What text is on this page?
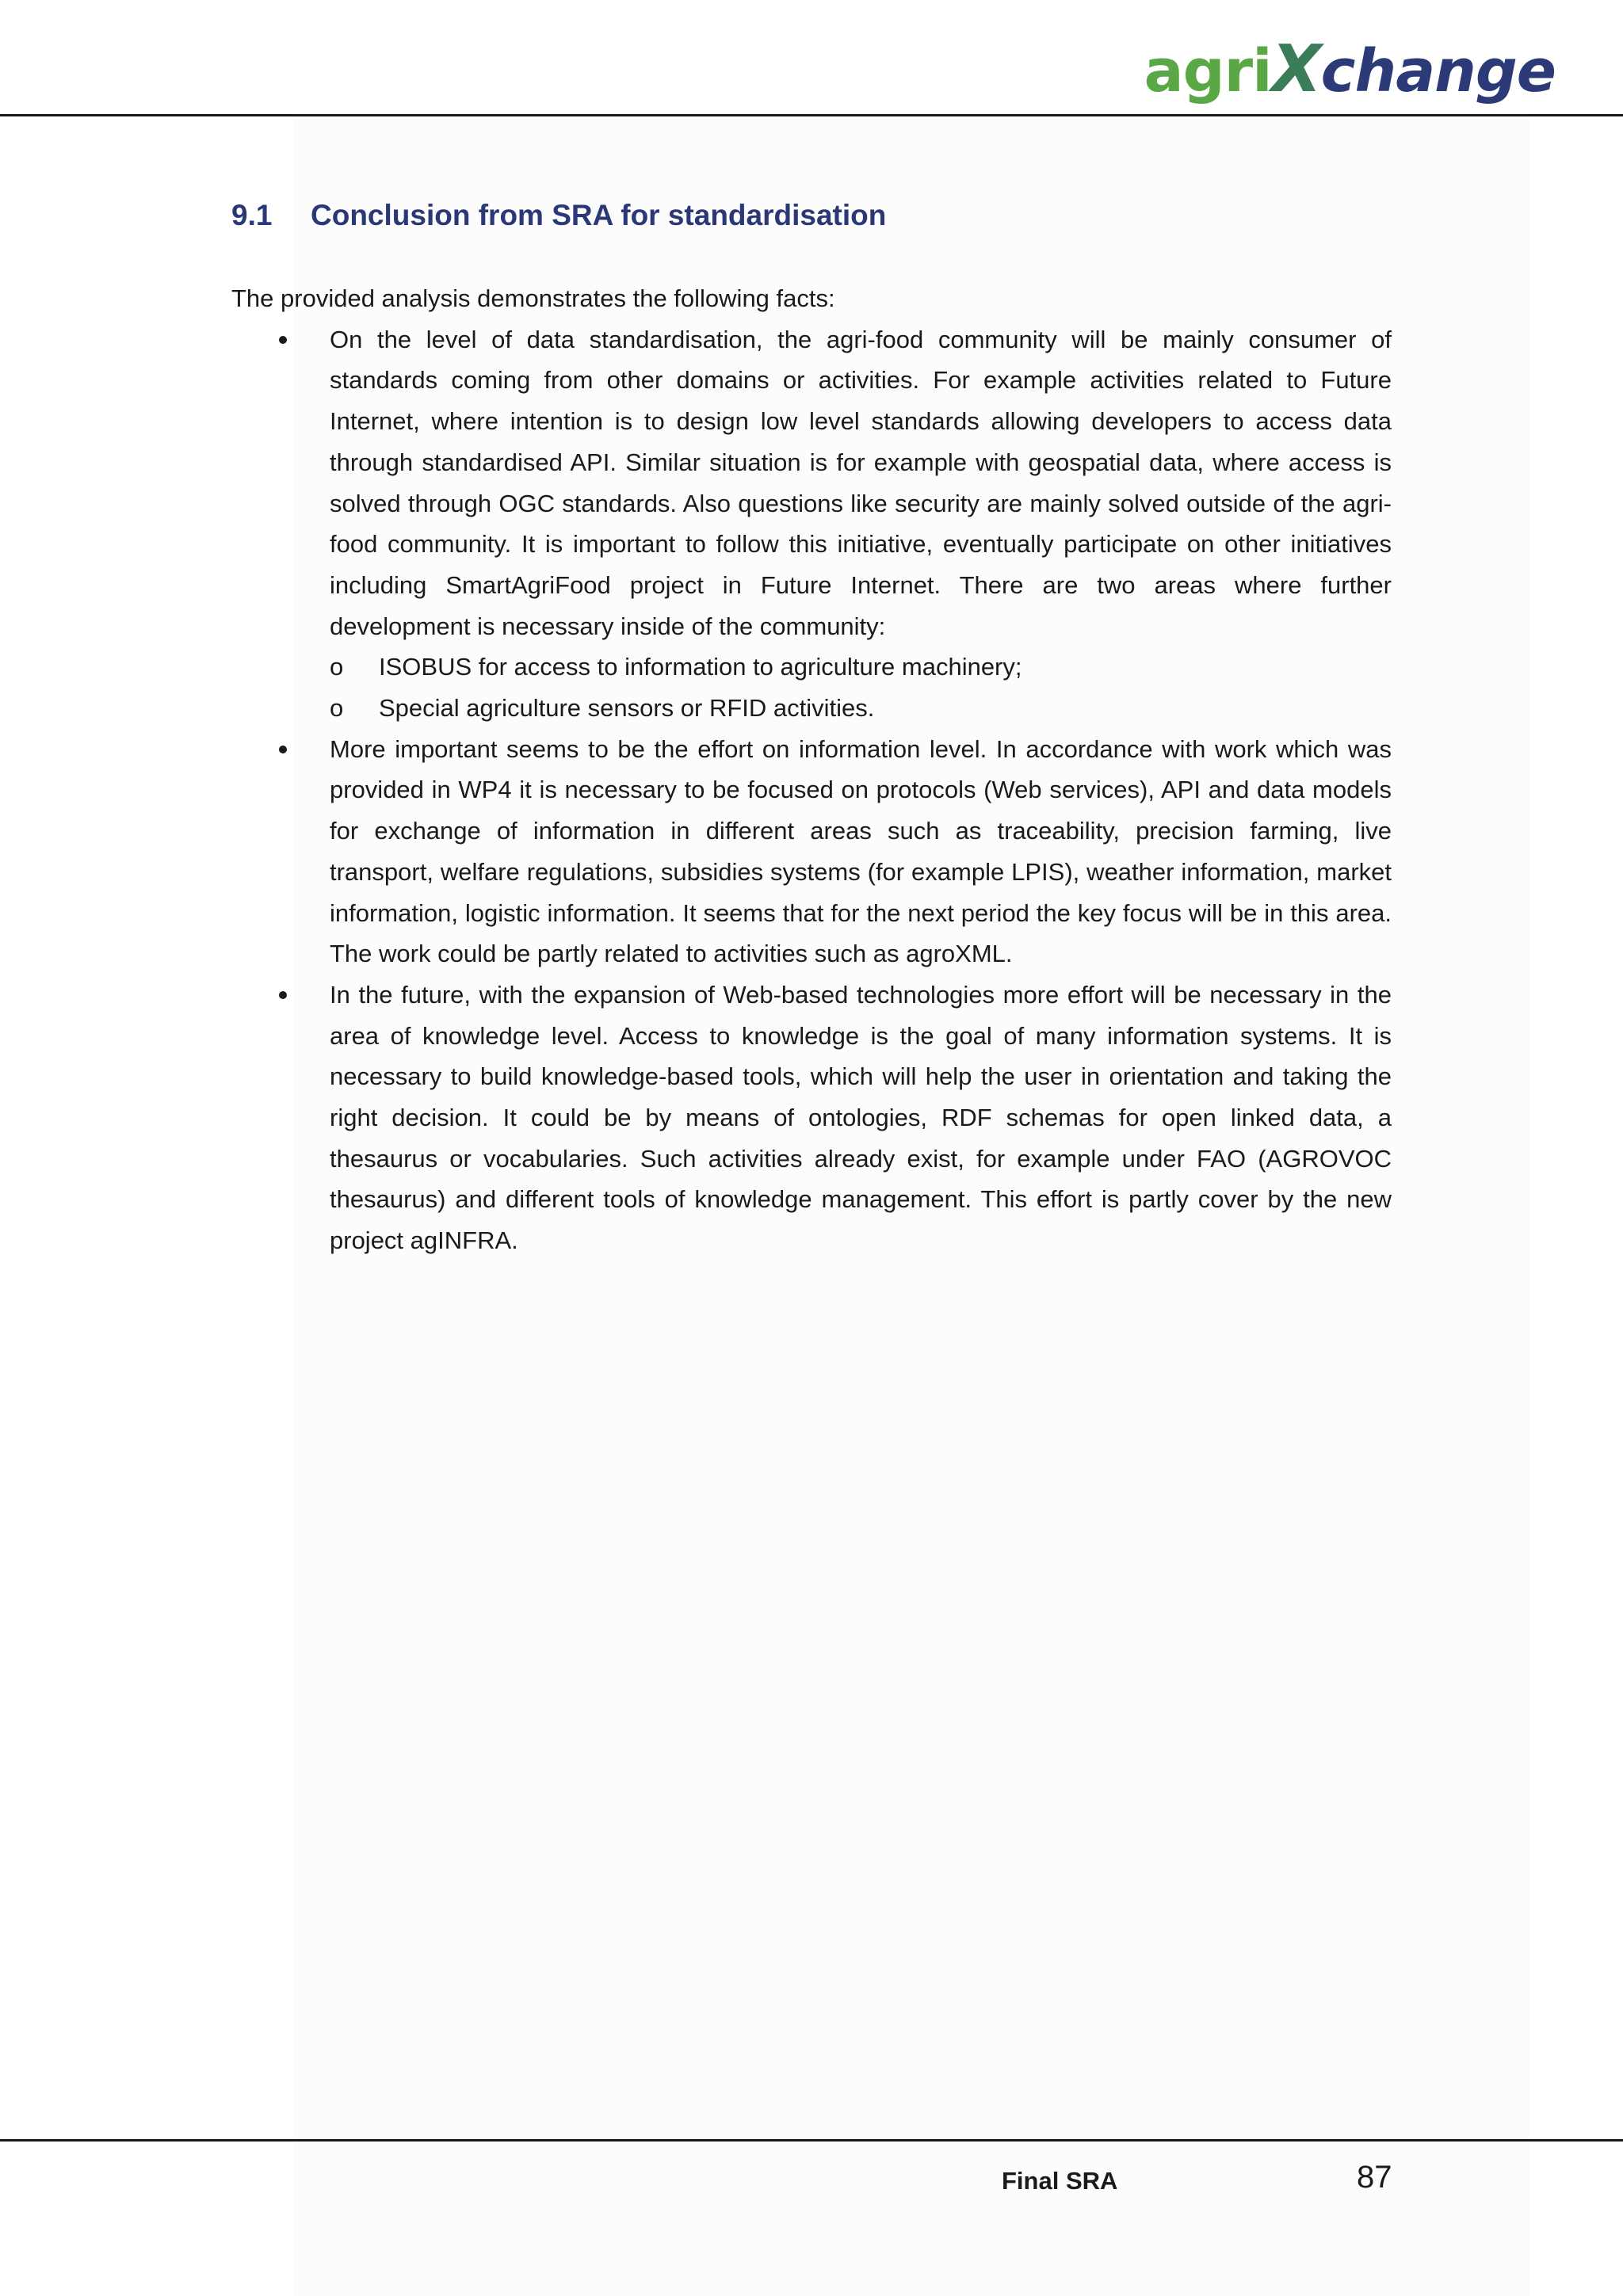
agri X change
9.1	Conclusion from SRA for standardisation

The provided analysis demonstrates the following facts:

On the level of data standardisation, the agri-food community will be mainly consumer of standards coming from other domains or activities. For example activities related to Future Internet, where intention is to design low level standards allowing developers to access data through standardised API. Similar situation is for example with geospatial data, where access is solved through OGC standards. Also questions like security are mainly solved outside of the agri-food community. It is important to follow this initiative, eventually participate on other initiatives including SmartAgriFood project in Future Internet. There are two areas where further development is necessary inside of the community:

o ISOBUS for access to information to agriculture machinery;
o Special agriculture sensors or RFID activities.

More important seems to be the effort on information level. In accordance with work which was provided in WP4 it is necessary to be focused on protocols (Web services), API and data models for exchange of information in different areas such as traceability, precision farming, live transport, welfare regulations, subsidies systems (for example LPIS), weather information, market information, logistic information. It seems that for the next period the key focus will be in this area. The work could be partly related to activities such as agroXML.

In the future, with the expansion of Web-based technologies more effort will be necessary in the area of knowledge level. Access to knowledge is the goal of many information systems. It is necessary to build knowledge-based tools, which will help the user in orientation and taking the right decision. It could be by means of ontologies, RDF schemas for open linked data, a thesaurus or vocabularies. Such activities already exist, for example under FAO (AGROVOC thesaurus) and different tools of knowledge management. This effort is partly cover by the new project agINFRA.

Final SRA	87
